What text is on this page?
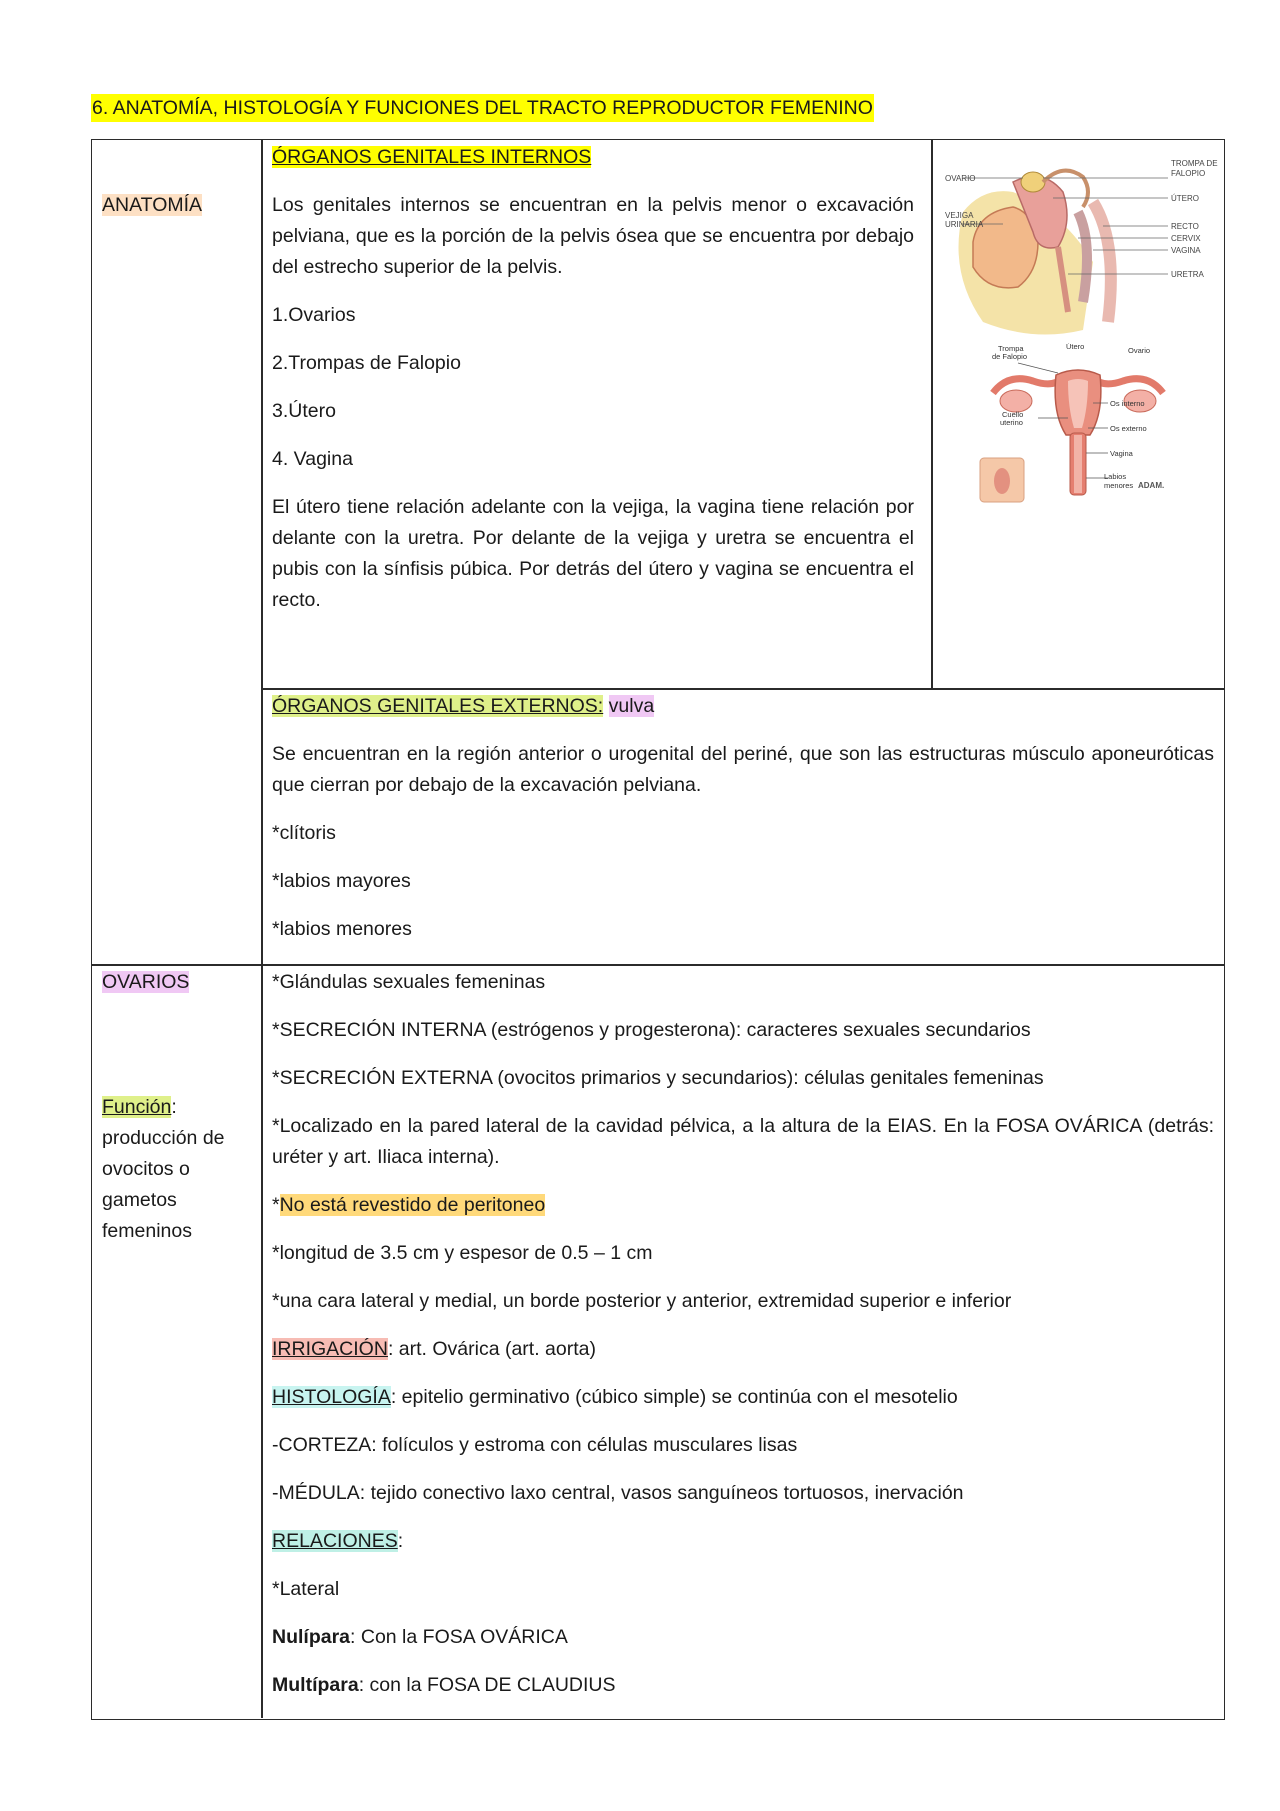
6. ANATOMÍA, HISTOLOGÍA Y FUNCIONES DEL TRACTO REPRODUCTOR FEMENINO
ANATOMÍA

ÓRGANOS GENITALES INTERNOS

Los genitales internos se encuentran en la pelvis menor o excavación pelviana, que es la porción de la pelvis ósea que se encuentra por debajo del estrecho superior de la pelvis.

1.Ovarios

2.Trompas de Falopio

3.Útero

4. Vagina

El útero tiene relación adelante con la vejiga, la vagina tiene relación por delante con la uretra. Por delante de la vejiga y uretra se encuentra el pubis con la sínfisis púbica. Por detrás del útero y vagina se encuentra el recto.

OVARIO
VEJIGA
URINARIA
TROMPA DE
FALOPIO
ÚTERO
RECTO
CERVIX
VAGINA
URETRA
Trompa
de Falopio
Útero	Ovario
Os interno
Cuello
uterino
Os externo
Vagina
Labios
menores ADAM.

ÓRGANOS GENITALES EXTERNOS: vulva

Se encuentran en la región anterior o urogenital del periné, que son las estructuras músculo aponeuróticas que cierran por debajo de la excavación pelviana.

*clítoris

*labios mayores

*labios menores

OVARIOS

Función: producción de ovocitos o gametos femeninos

*Glándulas sexuales femeninas

*SECRECIÓN INTERNA (estrógenos y progesterona): caracteres sexuales secundarios

*SECRECIÓN EXTERNA (ovocitos primarios y secundarios): células genitales femeninas

*Localizado en la pared lateral de la cavidad pélvica, a la altura de la EIAS. En la FOSA OVÁRICA (detrás: uréter y art. Iliaca interna).

*No está revestido de peritoneo

*longitud de 3.5 cm y espesor de 0.5 – 1 cm

*una cara lateral y medial, un borde posterior y anterior, extremidad superior e inferior

IRRIGACIÓN: art. Ovárica (art. aorta)

HISTOLOGÍA: epitelio germinativo (cúbico simple) se continúa con el mesotelio

-CORTEZA: folículos y estroma con células musculares lisas

-MÉDULA: tejido conectivo laxo central, vasos sanguíneos tortuosos, inervación

RELACIONES:

*Lateral

Nulípara: Con la FOSA OVÁRICA

Multípara: con la FOSA DE CLAUDIUS
